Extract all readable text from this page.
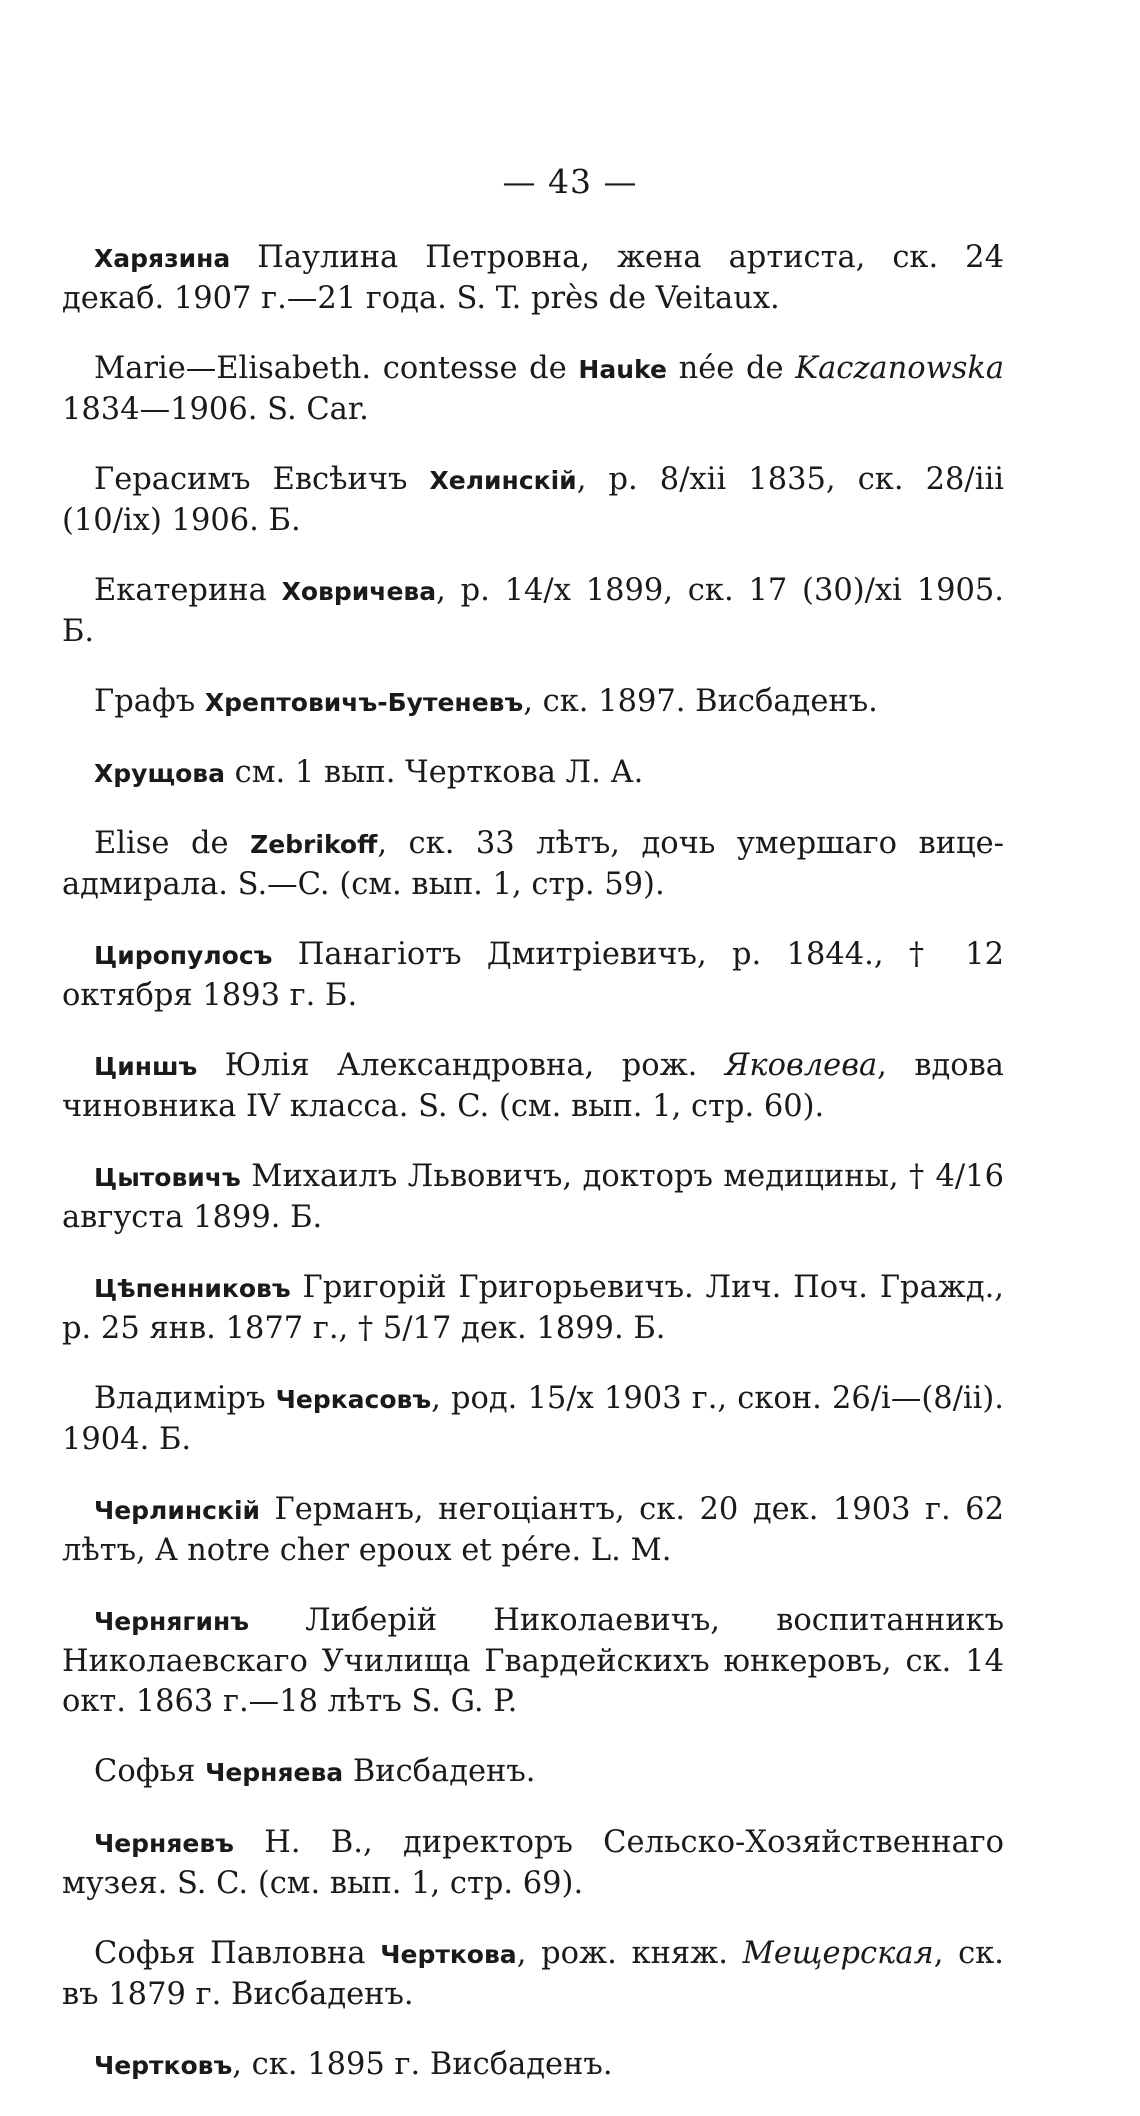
— 43 —

Харязина Паулина Петровна, жена артиста, ск. 24 декаб. 1907 г.—21 года. S. T. près de Veitaux.

Marie—Elisabeth. contesse de Hauke née de Kaczanowska 1834—1906. S. Car.

Герасимъ Евсѣичъ Хелинскій, р. 8/xii 1835, ск. 28/iii (10/ix) 1906. Б.

Екатерина Ховричева, р. 14/x 1899, ск. 17 (30)/xi 1905. Б.

Графъ Хрептовичъ-Бутеневъ, ск. 1897. Висбаденъ.

Хрущова см. 1 вып. Черткова Л. А.

Elise de Zebrikoff, ск. 33 лѣтъ, дочь умершаго вице-адмирала. S.—C. (см. вып. 1, стр. 59).

Циропулосъ Панагіотъ Дмитріевичъ, р. 1844., † 12 октября 1893 г. Б.

Циншъ Юлія Александровна, рож. Яковлева, вдова чиновника IV класса. S. C. (см. вып. 1, стр. 60).

Цытовичъ Михаилъ Львовичъ, докторъ медицины, † 4/16 августа 1899. Б.

Цѣпенниковъ Григорій Григорьевичъ. Лич. Поч. Гражд., р. 25 янв. 1877 г., † 5/17 дек. 1899. Б.

Владиміръ Черкасовъ, род. 15/x 1903 г., скон. 26/i—(8/ii). 1904. Б.

Черлинскій Германъ, негоціантъ, ск. 20 дек. 1903 г. 62 лѣтъ, A notre cher epoux et pére. L. M.

Чернягинъ Либерій Николаевичъ, воспитанникъ Николаевскаго Училища Гвардейскихъ юнкеровъ, ск. 14 окт. 1863 г.—18 лѣтъ S. G. P.

Софья Черняева Висбаденъ.

Черняевъ Н. В., директоръ Сельско-Хозяйственнаго музея. S. C. (см. вып. 1, стр. 69).

Софья Павловна Черткова, рож. княж. Мещерская, ск. въ 1879 г. Висбаденъ.

Чертковъ, ск. 1895 г. Висбаденъ.
